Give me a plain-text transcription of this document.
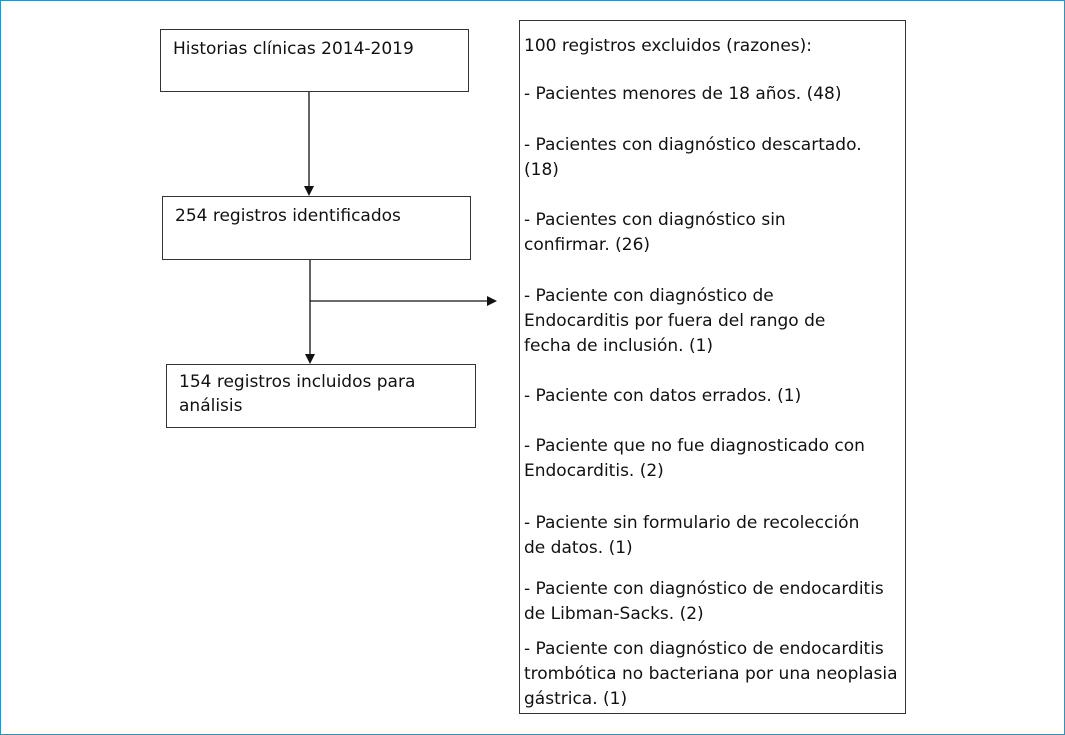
Historias clínicas 2014-2019
254 registros identificados
154 registros incluidos para
análisis
100 registros excluidos (razones):
- Pacientes menores de 18 años. (48)
- Pacientes con diagnóstico descartado.
(18)
- Pacientes con diagnóstico sin
confirmar. (26)
- Paciente con diagnóstico de
Endocarditis por fuera del rango de
fecha de inclusión. (1)
- Paciente con datos errados. (1)
- Paciente que no fue diagnosticado con
Endocarditis. (2)
- Paciente sin formulario de recolección
de datos. (1)
- Paciente con diagnóstico de endocarditis
de Libman-Sacks. (2)
- Paciente con diagnóstico de endocarditis
trombótica no bacteriana por una neoplasia
gástrica. (1)
